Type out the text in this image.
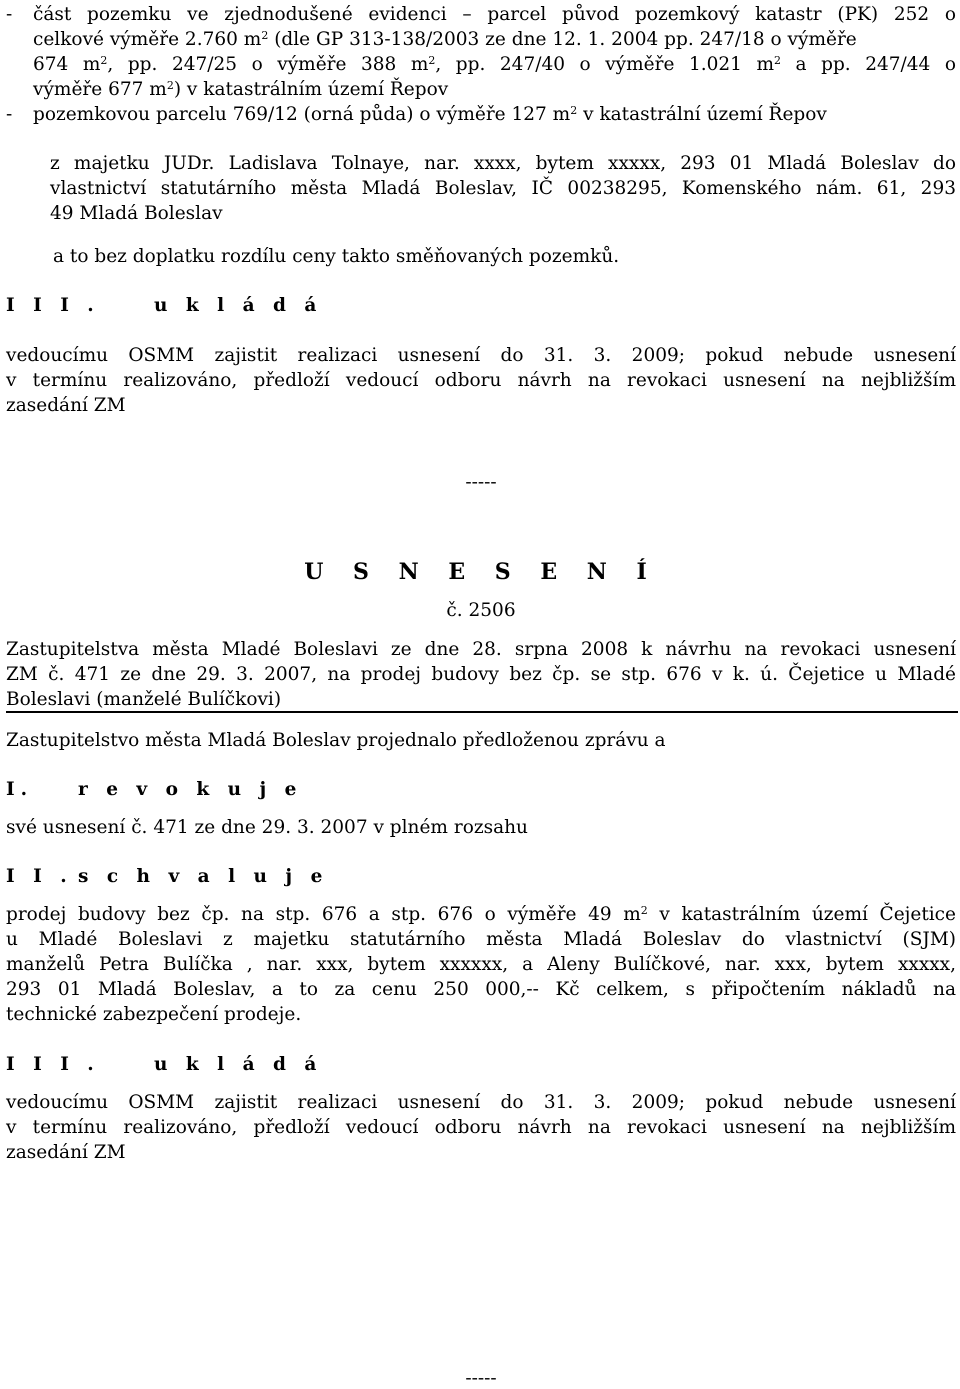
- část pozemku ve zjednodušené evidenci – parcel původ pozemkový katastr (PK) 252 o
celkové výměře 2.760 $m^2$ (dle GP 313-138/2003 ze dne 12. 1. 2004 pp. 247/18 o výměře
674 $m^2$, pp. 247/25 o výměře 388 $m^2$, pp. 247/40 o výměře 1.021 $m^2$ a pp. 247/44 o
výměře 677 $m^2$) v katastrálním území Řepov
- pozemkovou parcelu 769/12 (orná půda) o výměře 127 $m^2$ v katastrální území Řepov
z majetku JUDr. Ladislava Tolnaye, nar. xxxx, bytem xxxxx, 293 01 Mladá Boleslav do
vlastnictví statutárního města Mladá Boleslav, IČ 00238295, Komenského nám. 61, 293
49 Mladá Boleslav
a to bez doplatku rozdílu ceny takto směňovaných pozemků.
I I I .	u k l á d á
vedoucímu OSMM zajistit realizaci usnesení do 31. 3. 2009; pokud nebude usnesení
v termínu realizováno, předloží vedoucí odboru návrh na revokaci usnesení na nejbližším
zasedání ZM
-----
U S N E S E N Í
č. 2506
Zastupitelstva města Mladé Boleslavi ze dne 28. srpna 2008 k návrhu na revokaci usnesení
ZM č. 471 ze dne 29. 3. 2007, na prodej budovy bez čp. se stp. 676 v k. ú. Čejetice u Mladé
Boleslavi (manželé Bulíčkovi)
Zastupitelstvo města Mladá Boleslav projednalo předloženou zprávu a
I. r e v o k u j e
své usnesení č. 471 ze dne 29. 3. 2007 v plném rozsahu
I I . s c h v a l u j e
prodej budovy bez čp. na stp. 676 a stp. 676 o výměře 49 $m^2$ v katastrálním území Čejetice
u Mladé Boleslavi z majetku statutárního města Mladá Boleslav do vlastnictví (SJM)
manželů Petra Bulíčka , nar. xxx, bytem xxxxxx, a Aleny Bulíčkové, nar. xxx, bytem xxxxx,
293 01 Mladá Boleslav, a to za cenu 250 000,-- Kč celkem, s připočtením nákladů na
technické zabezpečení prodeje.
I I I .	u k l á d á
vedoucímu OSMM zajistit realizaci usnesení do 31. 3. 2009; pokud nebude usnesení
v termínu realizováno, předloží vedoucí odboru návrh na revokaci usnesení na nejbližším
zasedání ZM
-----
